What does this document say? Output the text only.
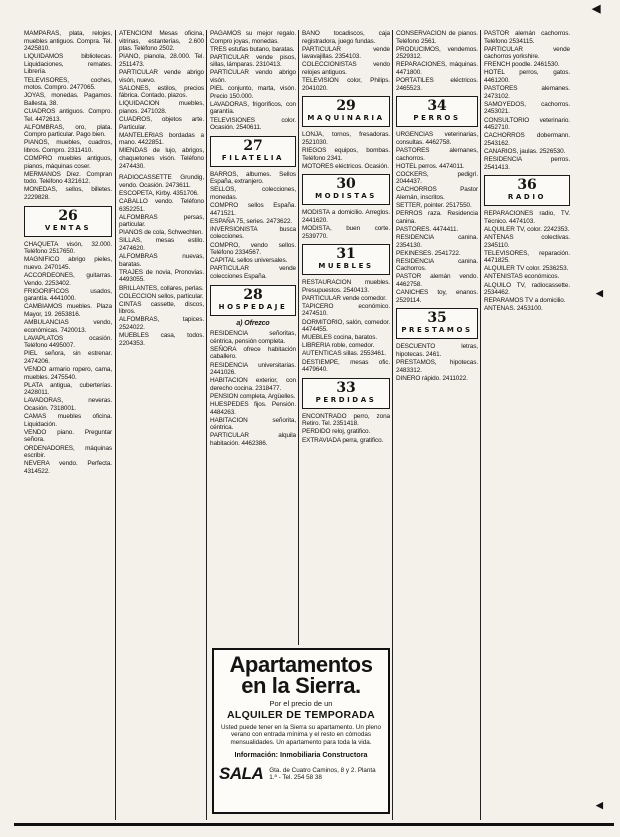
◀

MAMPARAS, plata, relojes, muebles antiguos. Compra. Tel. 2425810.

LIQUIDAMOS bibliotecas. Liquidaciones, remates. Librería.

TELEVISORES, coches, motos. Compro. 2477065.

JOYAS, monedas. Pagamos. Ballesta, 38.

CUADROS antiguos. Compro. Tel. 4472613.

ALFOMBRAS, oro, plata. Compro particular. Pago bien.

PIANOS, muebles, cuadros, libros. Compro. 2311410.

COMPRO muebles antiguos, pianos, máquinas coser.

MERMANOS Díez. Compran todo. Teléfono 4321612.

MONEDAS, sellos, billetes. 2229828.

26
VENTAS

CHAQUETA visón, 32.000. Teléfono 2517650.

MAGNIFICO abrigo pieles, nuevo. 2470145.

ACCORDEONES, guitarras. Vendo. 2253402.

FRIGORIFICOS usados, garantía. 4441000.

CAMBIAMOS muebles. Plaza Mayor, 19. 2653816.

AMBULANCIAS vendo, económicas. 7420013.

LAVAPLATOS ocasión. Teléfono 4495007.

PIEL señora, sin estrenar. 2474206.

VENDO armario ropero, cama, muebles. 2475540.

PLATA antigua, cuberterías. 2428011.

LAVADORAS, neveras. Ocasión. 7318001.

CAMAS muebles oficina. Liquidación.

VENDO piano. Preguntar señora.

ORDENADORES, máquinas escribir.

NEVERA vendo. Perfecta. 4314522.

ATENCION! Mesas oficina, vitrinas, estanterías, 2.600 ptas. Teléfono 2502.

PIANO, pianola, 28.000. Tel. 2511473.

PARTICULAR vende abrigo visón, nuevo.

SALONES, estilos, precios fábrica. Contado, plazos.

LIQUIDACION muebles, pianos. 2471028.

CUADROS, objetos arte. Particular.

MANTELERIAS bordadas a mano. 4422851.

MIENDAS de lujo, abrigos, chaquetones visón. Teléfono 2474430.

RADIOCASSETTE Grundig, vendo. Ocasión. 2473611.

ESCOPETA, Kirby. 4351706.

CABALLO vendo. Teléfono 6352251.

ALFOMBRAS persas, particular.

PIANOS de cola, Schwechten.

SILLAS, mesas estilo. 2474620.

ALFOMBRAS nuevas, baratas.

TRAJES de novia, Pronovias. 4493055.

BRILLANTES, collares, perlas.

COLECCION sellos, particular.

CINTAS cassette, discos, libros.

ALFOMBRAS, tapices. 2524022.

MUEBLES casa, todos. 2204353.

PAGAMOS su mejor regalo. Compro joyas, monedas.

TRES estufas butano, baratas.

PARTICULAR vende pisos, sillas, lámparas. 2310413.

PARTICULAR vendo abrigo visón.

PIEL conjunto, marta, visón. Precio 150.000.

LAVADORAS, frigoríficos, con garantía.

TELEVISIONES color. Ocasión. 2540611.

27
FILATELIA

BARROS, albumes. Sellos España, extranjero.

SELLOS, colecciones, monedas.

COMPRO sellos España. 4471521.

ESPAÑA 75, series. 2473622.

INVERSIONISTA busca colecciones.

COMPRO, vendo sellos. Teléfono 2334567.

CAPITAL sellos universales.

PARTICULAR vende colecciones España.

28
HOSPEDAJE
a) Ofrezco

RESIDENCIA señoritas, céntrica, pensión completa.

SEÑORA ofrece habitación caballero.

RESIDENCIA universitarias. 2441026.

HABITACION exterior, con derecho cocina. 2318477.

PENSION completa, Argüelles.

HUESPEDES fijos. Pensión. 4484263.

HABITACION señorita, céntrica.

PARTICULAR alquila habitación. 4462386.

BAÑO tocadiscos, caja registradora, juego fundas.

PARTICULAR vende lavavajillas. 2354103.

COLECCIONISTAS vendo relojes antiguos.

TELEVISION color, Philips. 2041020.

29
MAQUINARIA

LONJA, tornos, fresadoras. 2521030.

RIEGOS equipos, bombas. Teléfono 2341.

MOTORES eléctricos. Ocasión.

30
MODISTAS

MODISTA a domicilio. Arreglos. 2441620.

MODISTA, buen corte. 2539770.

31
MUEBLES

RESTAURACION muebles. Presupuestos. 2540413.

PARTICULAR vende comedor.

TAPICERO económico. 2474510.

DORMITORIO, salón, comedor. 4474455.

MUEBLES cocina, baratos.

LIBRERIA roble, comedor.

AUTENTICAS sillas. 2553461.

DESTIEMPE, mesas ofic. 4479640.

33
PERDIDAS

ENCONTRADO perro, zona Retiro. Tel. 2351418.

PERDIDO reloj, gratifico.

EXTRAVIADA perra, gratifico.

CONSERVACION de pianos. Teléfono 2561.

PRODUCIMOS, vendemos. 2529312.

REPARACIONES, máquinas. 4471800.

PORTATILES eléctricos. 2465523.

34
PERROS

URGENCIAS veterinarias, consultas. 4462758.

PASTORES alemanes, cachorros.

HOTEL perros. 4474011.

COCKERS, pedigrí. 2044437.

CACHORROS Pastor Alemán, inscritos.

SETTER, pointer. 2517550.

PERROS raza. Residencia canina.

PASTORES. 4474411.

RESIDENCIA canina. 2354130.

PEKINESES. 2541722.

RESIDENCIA canina. Cachorros.

PASTOR alemán vendo. 4462758.

CANICHES toy, enanos. 2529114.

35
PRESTAMOS

DESCUENTO letras, hipotecas. 2461.

PRESTAMOS, hipotecas. 2483312.

DINERO rápido. 2411022.

PASTOR alemán cachorros. Teléfono 2534115.

PARTICULAR vende cachorros yorkshire.

FRENCH poodle. 2461530.

HOTEL perros, gatos. 4461200.

PASTORES alemanes. 2473102.

SAMOYEDOS, cachorros. 2453021.

CONSULTORIO veterinario. 4452710.

CACHORROS dobermann. 2543162.

CANARIOS, jaulas. 2526530.

RESIDENCIA perros. 2541413.

36
RADIO

REPARACIONES radio, TV. Técnico. 4474103.

ALQUILER TV, color. 2242353.

ANTENAS colectivas. 2345110.

TELEVISORES, reparación. 4471825.

ALQUILER TV color. 2536253.

ANTENISTAS económicos.

ALQUILO TV, radiocassette. 2534462.

REPARAMOS TV a domicilio.

ANTENAS. 2453100.

Apartamentos en la Sierra.
Por el precio de un
ALQUILER DE TEMPORADA
Usted puede tener en la Sierra su apartamento. Un pleno verano con entrada mínima y el resto en cómodas mensualidades. Un apartamento para toda la vida.
Información: Inmobiliaria Constructora
SALA Gta. de Cuatro Caminos, 8 y 2. Planta 1.ª - Tel. 254 58 38
◀
◀
